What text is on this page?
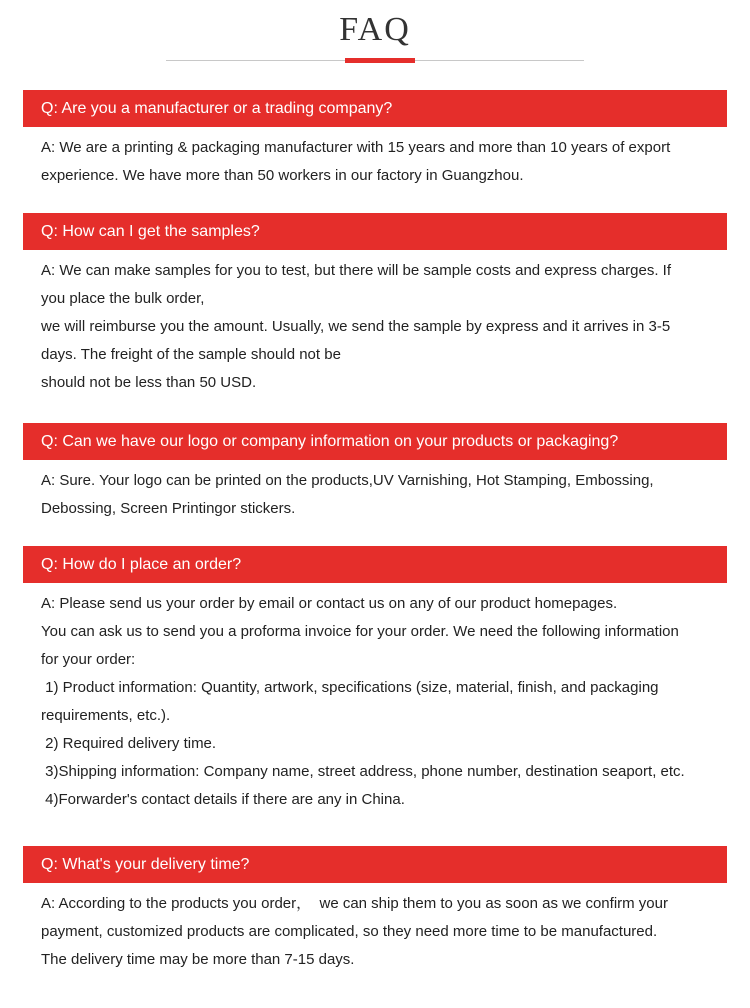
FAQ
Q: Are you a manufacturer or a trading company?
A: We are a printing & packaging manufacturer with 15 years and more than 10 years of export
experience. We have more than 50 workers in our factory in Guangzhou.
Q: How can I get the samples?
A: We can make samples for you to test, but there will be sample costs and express charges. If
you place the bulk order,
we will reimburse you the amount. Usually, we send the sample by express and it arrives in 3-5
days. The freight of the sample should not be
should not be less than 50 USD.
Q: Can we have our logo or company information on your products or packaging?
A: Sure. Your logo can be printed on the products,UV Varnishing, Hot Stamping, Embossing,
Debossing, Screen Printingor stickers.
Q: How do I place an order?
A: Please send us your order by email or contact us on any of our product homepages.
You can ask us to send you a proforma invoice for your order. We need the following information
for your order:
1) Product information: Quantity, artwork, specifications (size, material, finish, and packaging
requirements, etc.).
2) Required delivery time.
3)Shipping information: Company name, street address, phone number, destination seaport, etc.
4)Forwarder's contact details if there are any in China.
Q: What's your delivery time?
A: According to the products you order，  we can ship them to you as soon as we confirm your
payment, customized products are complicated, so they need more time to be manufactured.
The delivery time may be more than 7-15 days.
